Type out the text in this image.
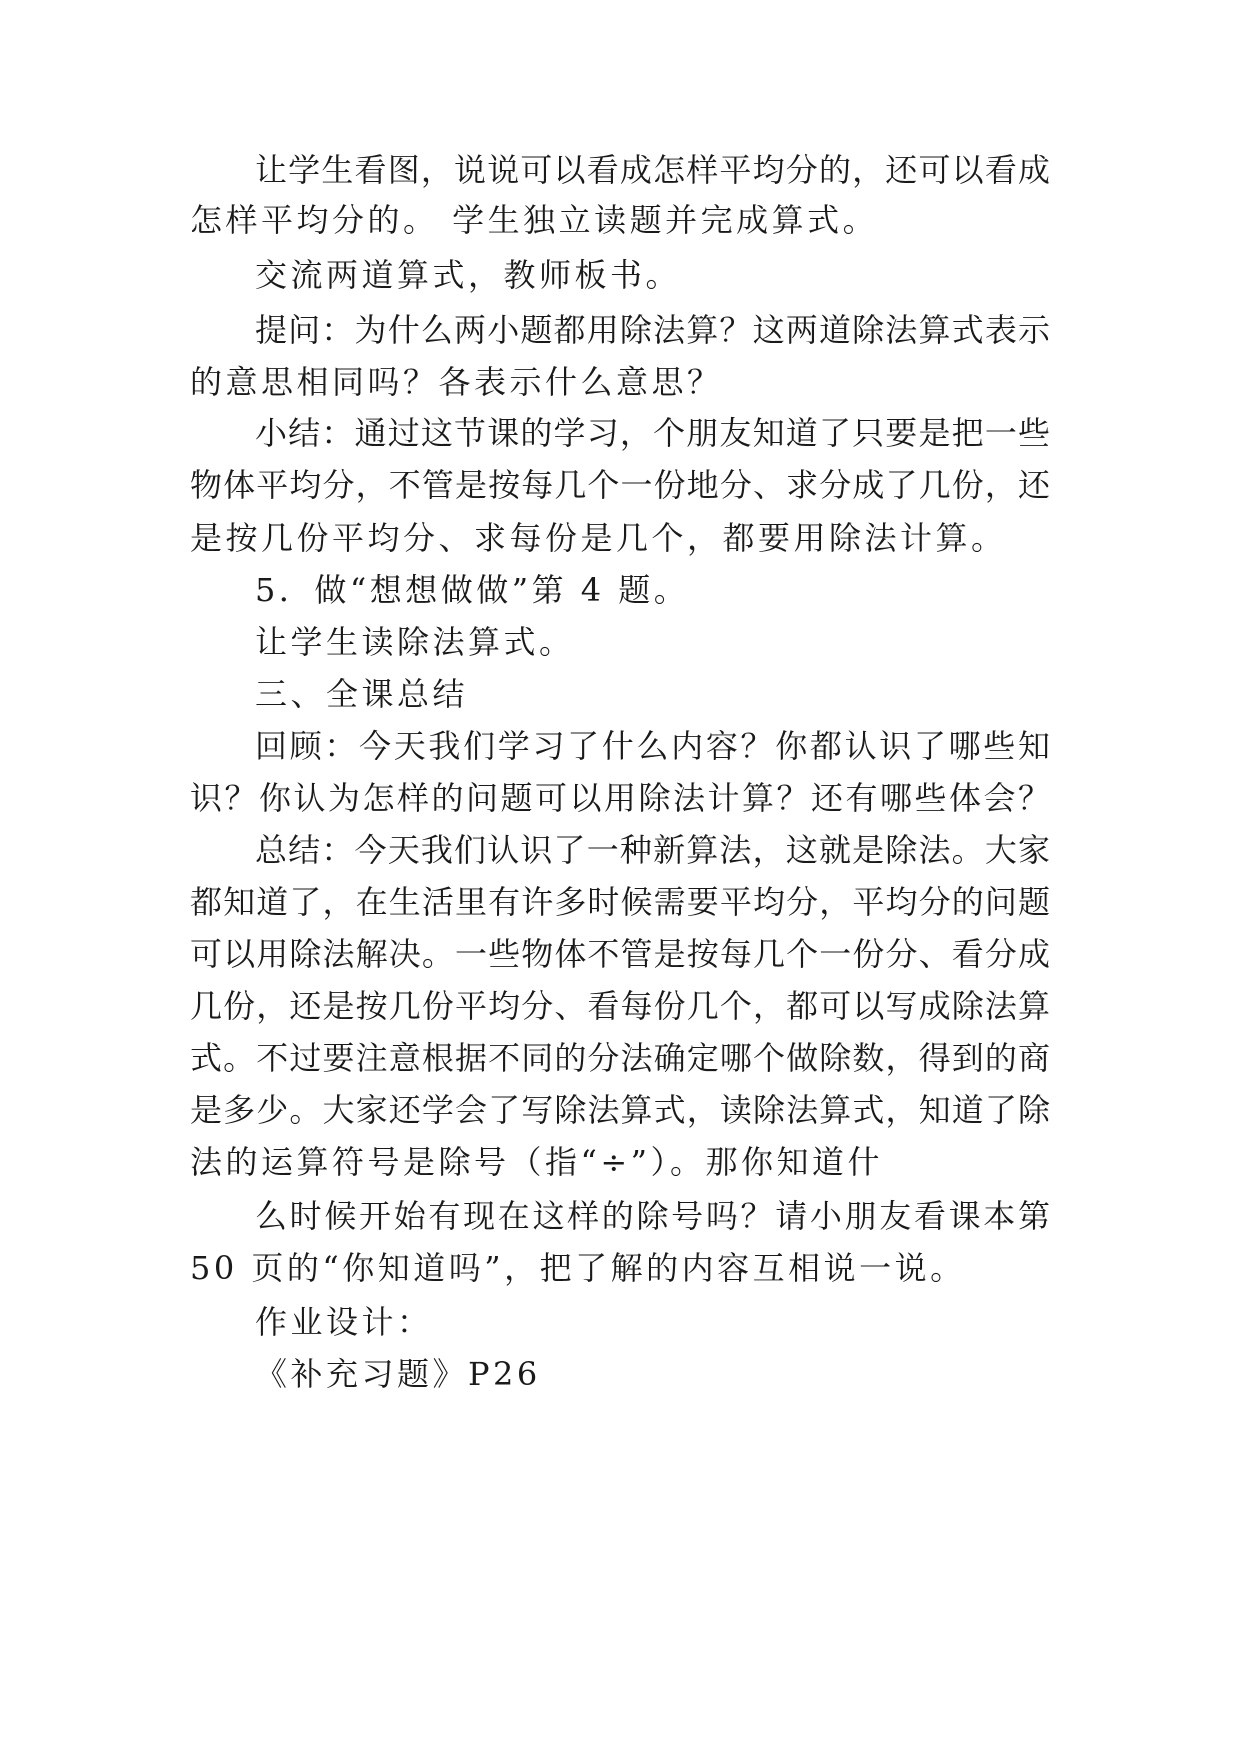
让学生看图，说说可以看成怎样平均分的，还可以看成
怎样平均分的。 学生独立读题并完成算式。
交流两道算式，教师板书。
提问：为什么两小题都用除法算？这两道除法算式表示
的意思相同吗？各表示什么意思？
小结：通过这节课的学习，个朋友知道了只要是把一些
物体平均分，不管是按每几个一份地分、求分成了几份，还
是按几份平均分、求每份是几个，都要用除法计算。
5．做“想想做做”第 4 题。
让学生读除法算式。
三、全课总结
回顾：今天我们学习了什么内容？你都认识了哪些知
识？你认为怎样的问题可以用除法计算？还有哪些体会？
总结：今天我们认识了一种新算法，这就是除法。大家
都知道了，在生活里有许多时候需要平均分，平均分的问题
可以用除法解决。一些物体不管是按每几个一份分、看分成
几份，还是按几份平均分、看每份几个，都可以写成除法算
式。不过要注意根据不同的分法确定哪个做除数，得到的商
是多少。大家还学会了写除法算式，读除法算式，知道了除
法的运算符号是除号（指“÷”）。那你知道什
么时候开始有现在这样的除号吗？请小朋友看课本第
50 页的“你知道吗”，把了解的内容互相说一说。
作业设计：
《补充习题》P26
